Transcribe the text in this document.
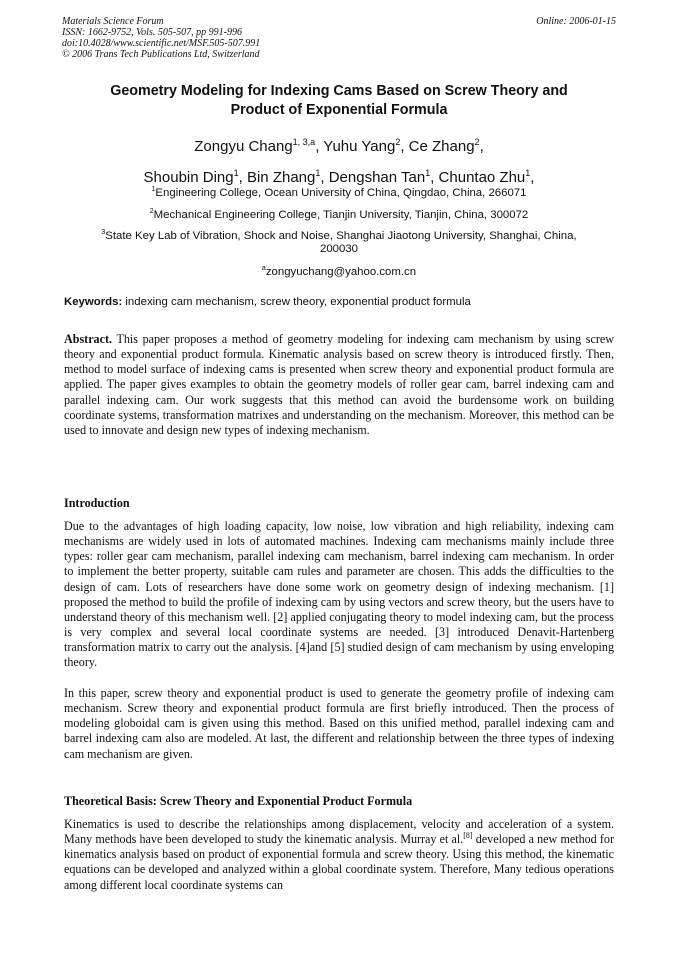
Materials Science Forum
ISSN: 1662-9752, Vols. 505-507, pp 991-996
doi:10.4028/www.scientific.net/MSF.505-507.991
© 2006 Trans Tech Publications Ltd, Switzerland
Online: 2006-01-15
Geometry Modeling for Indexing Cams Based on Screw Theory and
Product of Exponential Formula
Zongyu Chang$^{1, 3,a}$, Yuhu Yang$^2$, Ce Zhang$^2$,
Shoubin Ding$^1$, Bin Zhang$^1$, Dengshan Tan$^1$, Chuntao Zhu$^1$,
$^1$Engineering College, Ocean University of China, Qingdao, China, 266071
$^2$Mechanical Engineering College, Tianjin University, Tianjin, China, 300072
$^3$State Key Lab of Vibration, Shock and Noise, Shanghai Jiaotong University, Shanghai, China,
200030
$^a$zongyuchang@yahoo.com.cn
Keywords: indexing cam mechanism, screw theory, exponential product formula
Abstract. This paper proposes a method of geometry modeling for indexing cam mechanism by using screw theory and exponential product formula. Kinematic analysis based on screw theory is introduced firstly. Then, method to model surface of indexing cams is presented when screw theory and exponential product formula are applied. The paper gives examples to obtain the geometry models of roller gear cam, barrel indexing cam and parallel indexing cam. Our work suggests that this method can avoid the burdensome work on building coordinate systems, transformation matrixes and understanding on the mechanism. Moreover, this method can be used to innovate and design new types of indexing mechanism.
Introduction
Due to the advantages of high loading capacity, low noise, low vibration and high reliability, indexing cam mechanisms are widely used in lots of automated machines. Indexing cam mechanisms mainly include three types: roller gear cam mechanism, parallel indexing cam mechanism, barrel indexing cam mechanism. In order to implement the better property, suitable cam rules and parameter are chosen. This adds the difficulties to the design of cam. Lots of researchers have done some work on geometry design of indexing mechanism. [1] proposed the method to build the profile of indexing cam by using vectors and screw theory, but the users have to understand theory of this mechanism well. [2] applied conjugating theory to model indexing cam, but the process is very complex and several local coordinate systems are needed. [3] introduced Denavit-Hartenberg transformation matrix to carry out the analysis. [4]and [5] studied design of cam mechanism by using enveloping theory.
In this paper, screw theory and exponential product is used to generate the geometry profile of indexing cam mechanism. Screw theory and exponential product formula are first briefly introduced. Then the process of modeling globoidal cam is given using this method. Based on this unified method, parallel indexing cam and barrel indexing cam also are modeled. At last, the different and relationship between the three types of indexing cam mechanism are given.
Theoretical Basis: Screw Theory and Exponential Product Formula
Kinematics is used to describe the relationships among displacement, velocity and acceleration of a system. Many methods have been developed to study the kinematic analysis. Murray et al.[8] developed a new method for kinematics analysis based on product of exponential formula and screw theory. Using this method, the kinematic equations can be developed and analyzed within a global coordinate system. Therefore, Many tedious operations among different local coordinate systems can
